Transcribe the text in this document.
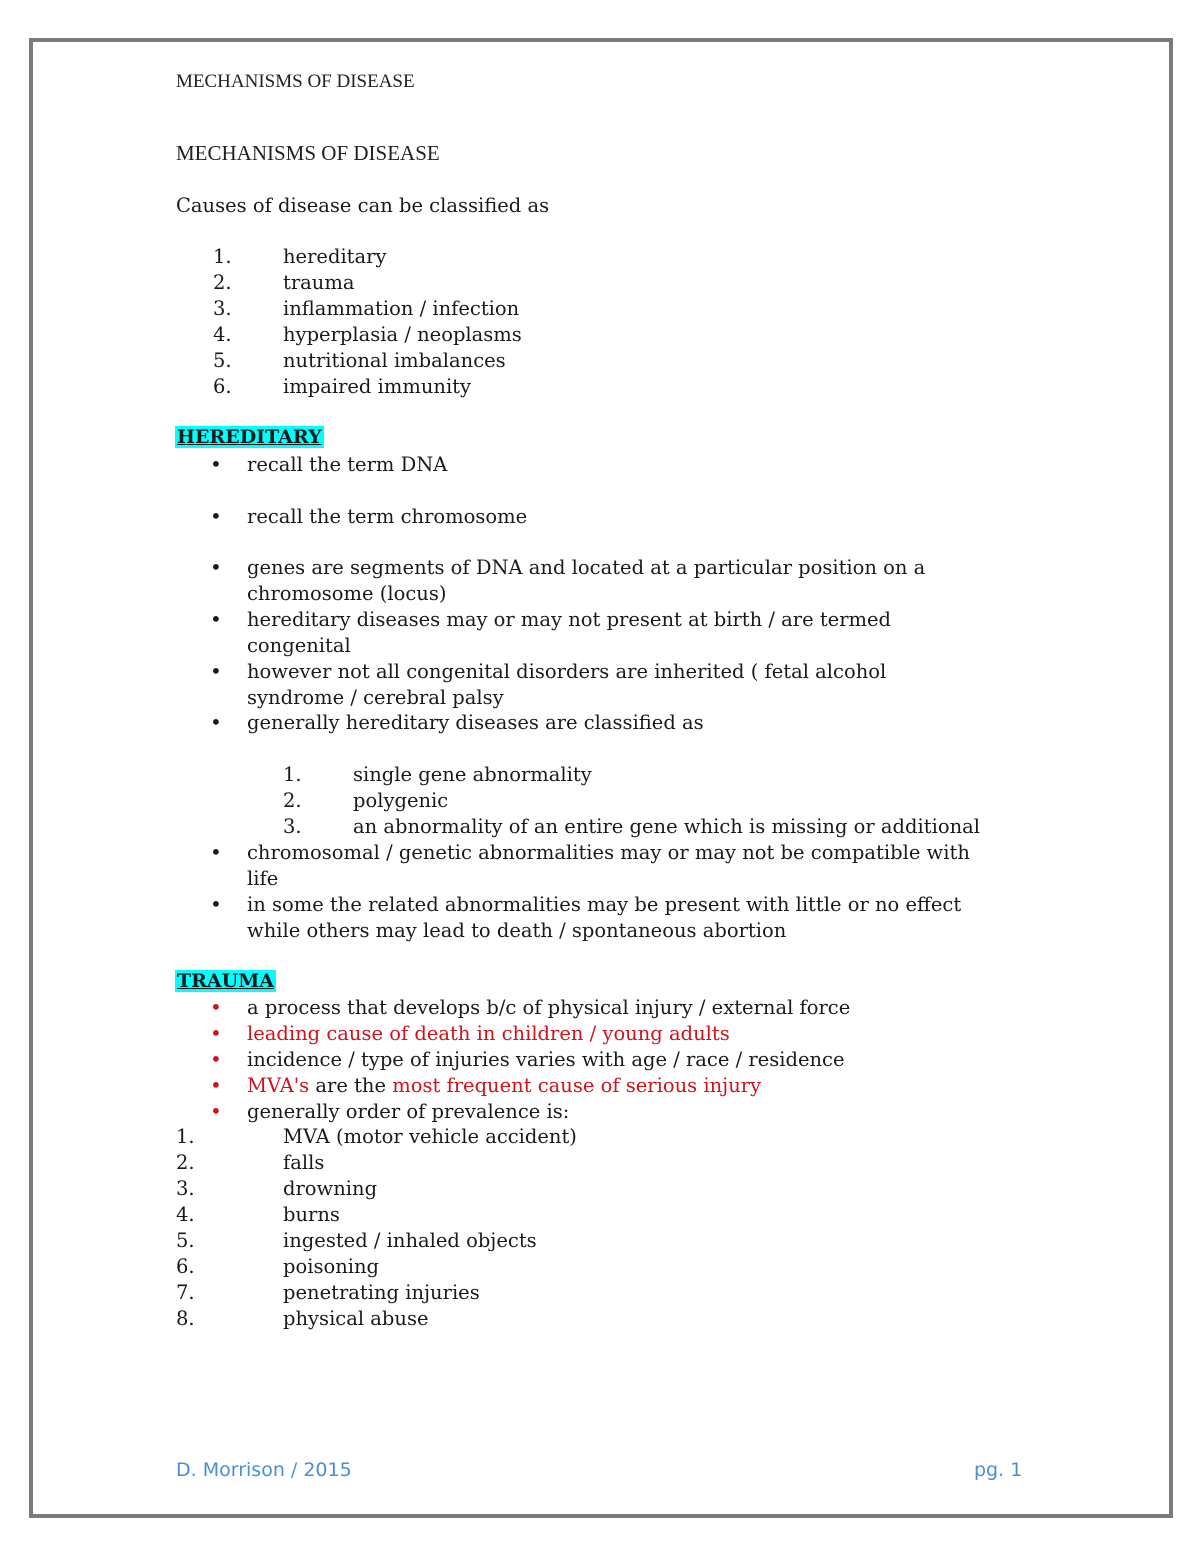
MECHANISMS OF DISEASE
MECHANISMS OF DISEASE
Causes of disease can be classified as
1.	hereditary
2.	trauma
3.	inflammation / infection
4.	hyperplasia / neoplasms
5.	nutritional imbalances
6.	impaired immunity
HEREDITARY
• recall the term DNA
• recall the term chromosome
• genes are segments of DNA and located at a particular position on a
chromosome (locus)
• hereditary diseases may or may not present at birth / are termed
congenital
• however not all congenital disorders are inherited ( fetal alcohol
syndrome / cerebral palsy
• generally hereditary diseases are classified as
1.	single gene abnormality
2.	polygenic
3.	an abnormality of an entire gene which is missing or additional
• chromosomal / genetic abnormalities may or may not be compatible with
life
• in some the related abnormalities may be present with little or no effect
while others may lead to death / spontaneous abortion
TRAUMA
• a process that develops b/c of physical injury / external force
• leading cause of death in children / young adults
• incidence / type of injuries varies with age / race / residence
• MVA's are the most frequent cause of serious injury
• generally order of prevalence is:
1.	MVA (motor vehicle accident)
2.	falls
3.	drowning
4.	burns
5.	ingested / inhaled objects
6.	poisoning
7.	penetrating injuries
8.	physical abuse
D. Morrison / 2015	pg. 1
